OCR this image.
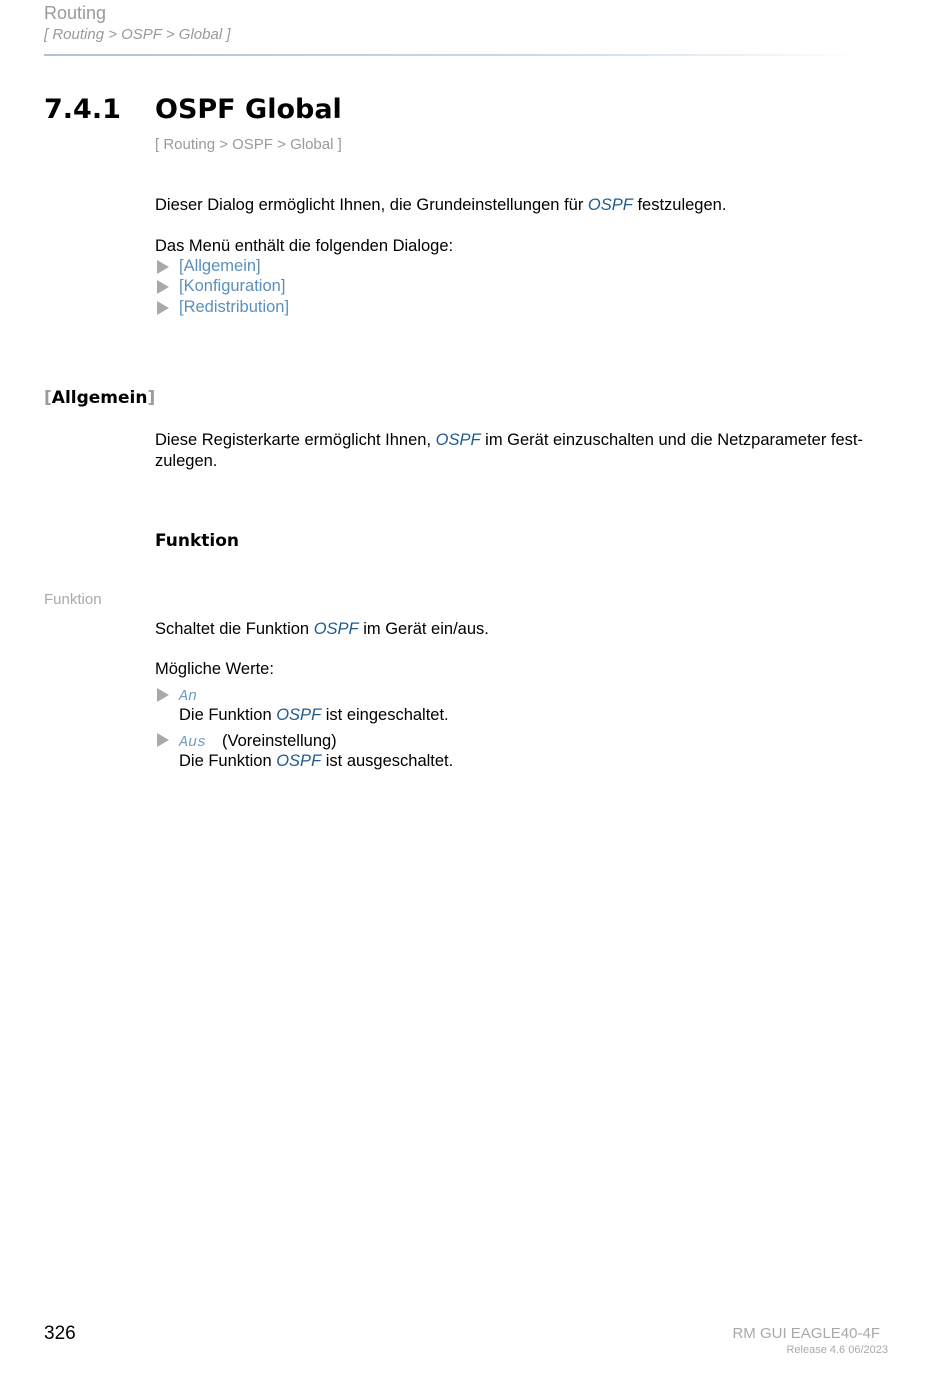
Routing
[ Routing > OSPF > Global ]
7.4.1 OSPF Global
[ Routing > OSPF > Global ]
Dieser Dialog ermöglicht Ihnen, die Grundeinstellungen für OSPF festzulegen.
Das Menü enthält die folgenden Dialoge:
[Allgemein]
[Konfiguration]
[Redistribution]
[Allgemein]
Diese Registerkarte ermöglicht Ihnen, OSPF im Gerät einzuschalten und die Netzparameter fest-
zulegen.
Funktion
Funktion
Schaltet die Funktion OSPF im Gerät ein/aus.
Mögliche Werte:
An
Die Funktion OSPF ist eingeschaltet.
Aus (Voreinstellung)
Die Funktion OSPF ist ausgeschaltet.
326	RM GUI EAGLE40-4F
Release 4.6 06/2023
